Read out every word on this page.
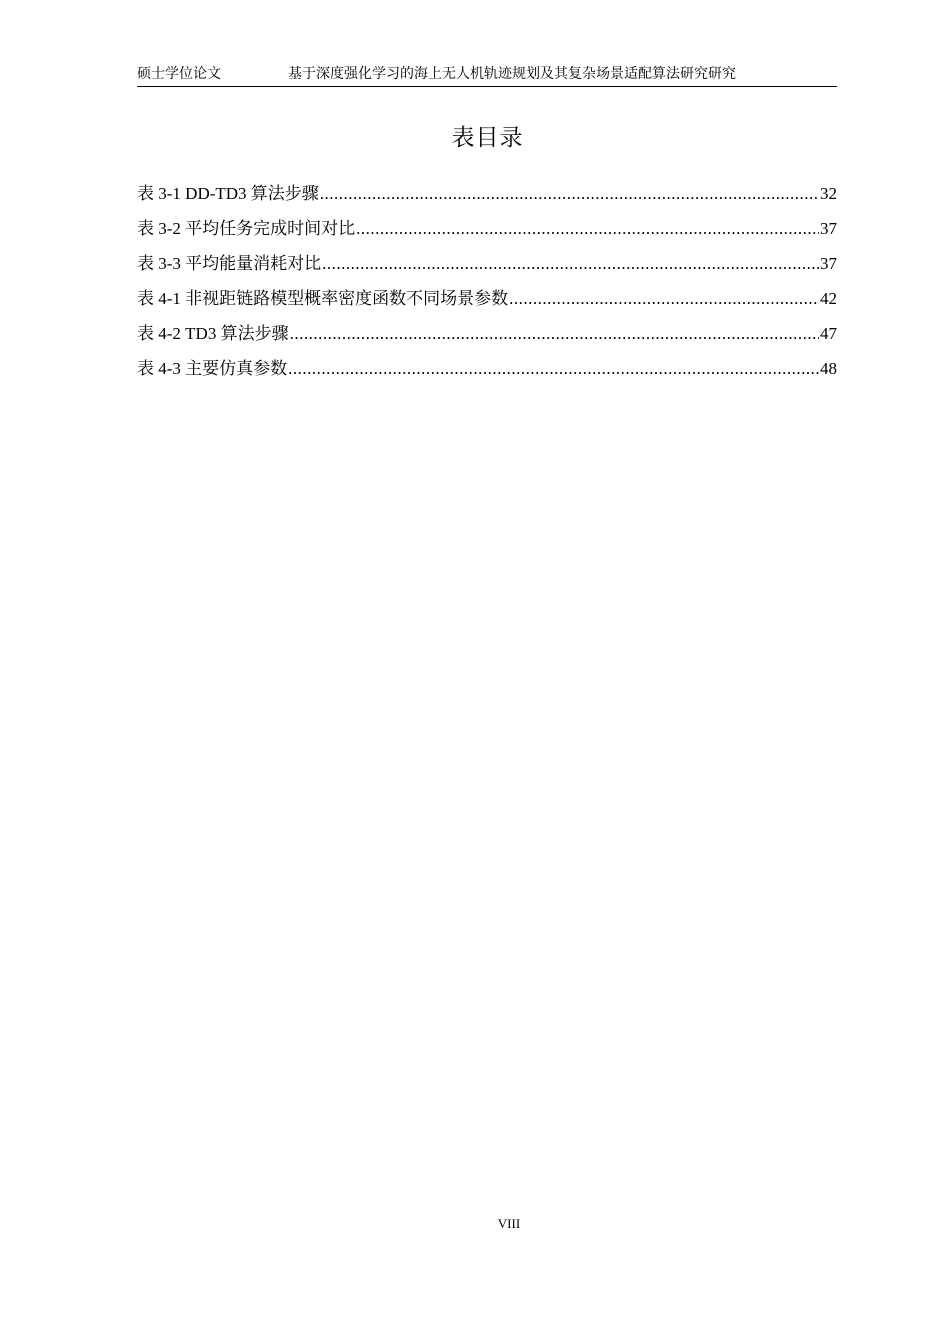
硕士学位论文	基于深度强化学习的海上无人机轨迹规划及其复杂场景适配算法研究研究
表目录
表 3-1 DD-TD3 算法步骤 .....	32
表 3-2 平均任务完成时间对比 .....	37
表 3-3 平均能量消耗对比 .....	37
表 4-1 非视距链路模型概率密度函数不同场景参数 .....	42
表 4-2 TD3 算法步骤 .....	47
表 4-3 主要仿真参数 .....	48
VIII
